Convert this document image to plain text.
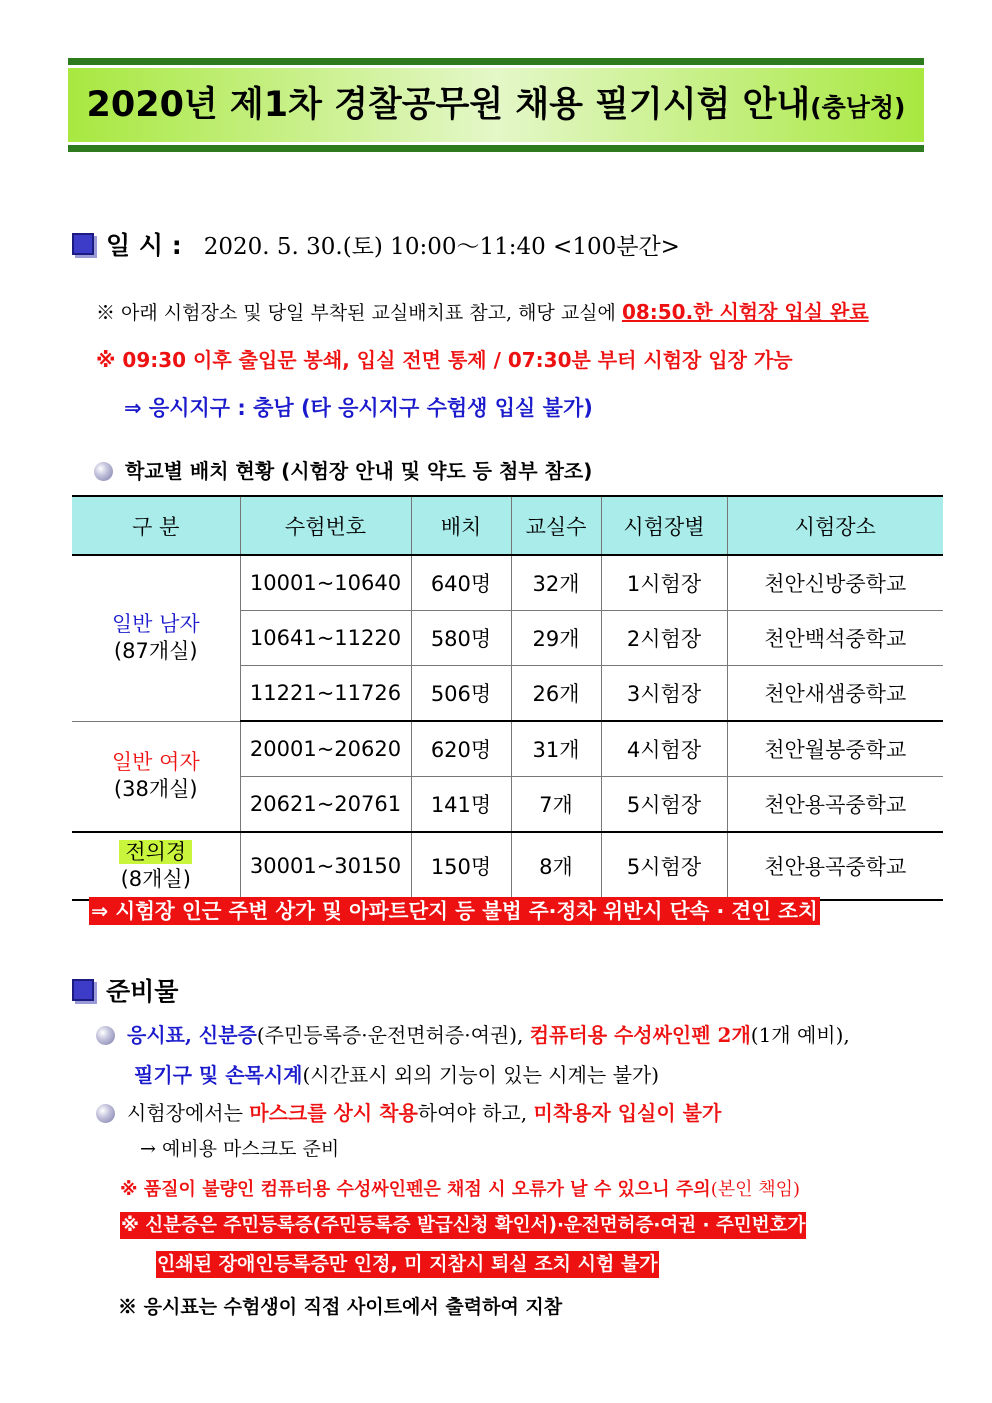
2020년 제1차 경찰공무원 채용 필기시험 안내(충남청)
일 시 : 2020. 5. 30.(토) 10:00～11:40 <100분간>
※ 아래 시험장소 및 당일 부착된 교실배치표 참고, 해당 교실에 08:50.한 시험장 입실 완료
※ 09:30 이후 출입문 봉쇄, 입실 전면 통제 / 07:30분 부터 시험장 입장 가능
⇒ 응시지구 : 충남 (타 응시지구 수험생 입실 불가)
학교별 배치 현황 (시험장 안내 및 약도 등 첨부 참조)
구 분	수험번호	배치	교실수	시험장별	시험장소

일반 남자
(87개실)	10001~10640	640명	32개	1시험장	천안신방중학교
	10641~11220	580명	29개	2시험장	천안백석중학교
	11221~11726	506명	26개	3시험장	천안새샘중학교

일반 여자
(38개실)	20001~20620	620명	31개	4시험장	천안월봉중학교
	20621~20761	141명	7개	5시험장	천안용곡중학교

전의경
(8개실)	30001~30150	150명	8개	5시험장	천안용곡중학교
⇒ 시험장 인근 주변 상가 및 아파트단지 등 불법 주·정차 위반시 단속 · 견인 조치
준비물
응시표, 신분증(주민등록증·운전면허증·여권), 컴퓨터용 수성싸인펜 2개(1개 예비),
필기구 및 손목시계(시간표시 외의 기능이 있는 시계는 불가)
시험장에서는 마스크를 상시 착용하여야 하고, 미착용자 입실이 불가
→ 예비용 마스크도 준비
※ 품질이 불량인 컴퓨터용 수성싸인펜은 채점 시 오류가 날 수 있으니 주의(본인 책임)
※ 신분증은 주민등록증(주민등록증 발급신청 확인서)·운전면허증·여권 · 주민번호가
인쇄된 장애인등록증만 인정, 미 지참시 퇴실 조치 시험 불가
※ 응시표는 수험생이 직접 사이트에서 출력하여 지참
